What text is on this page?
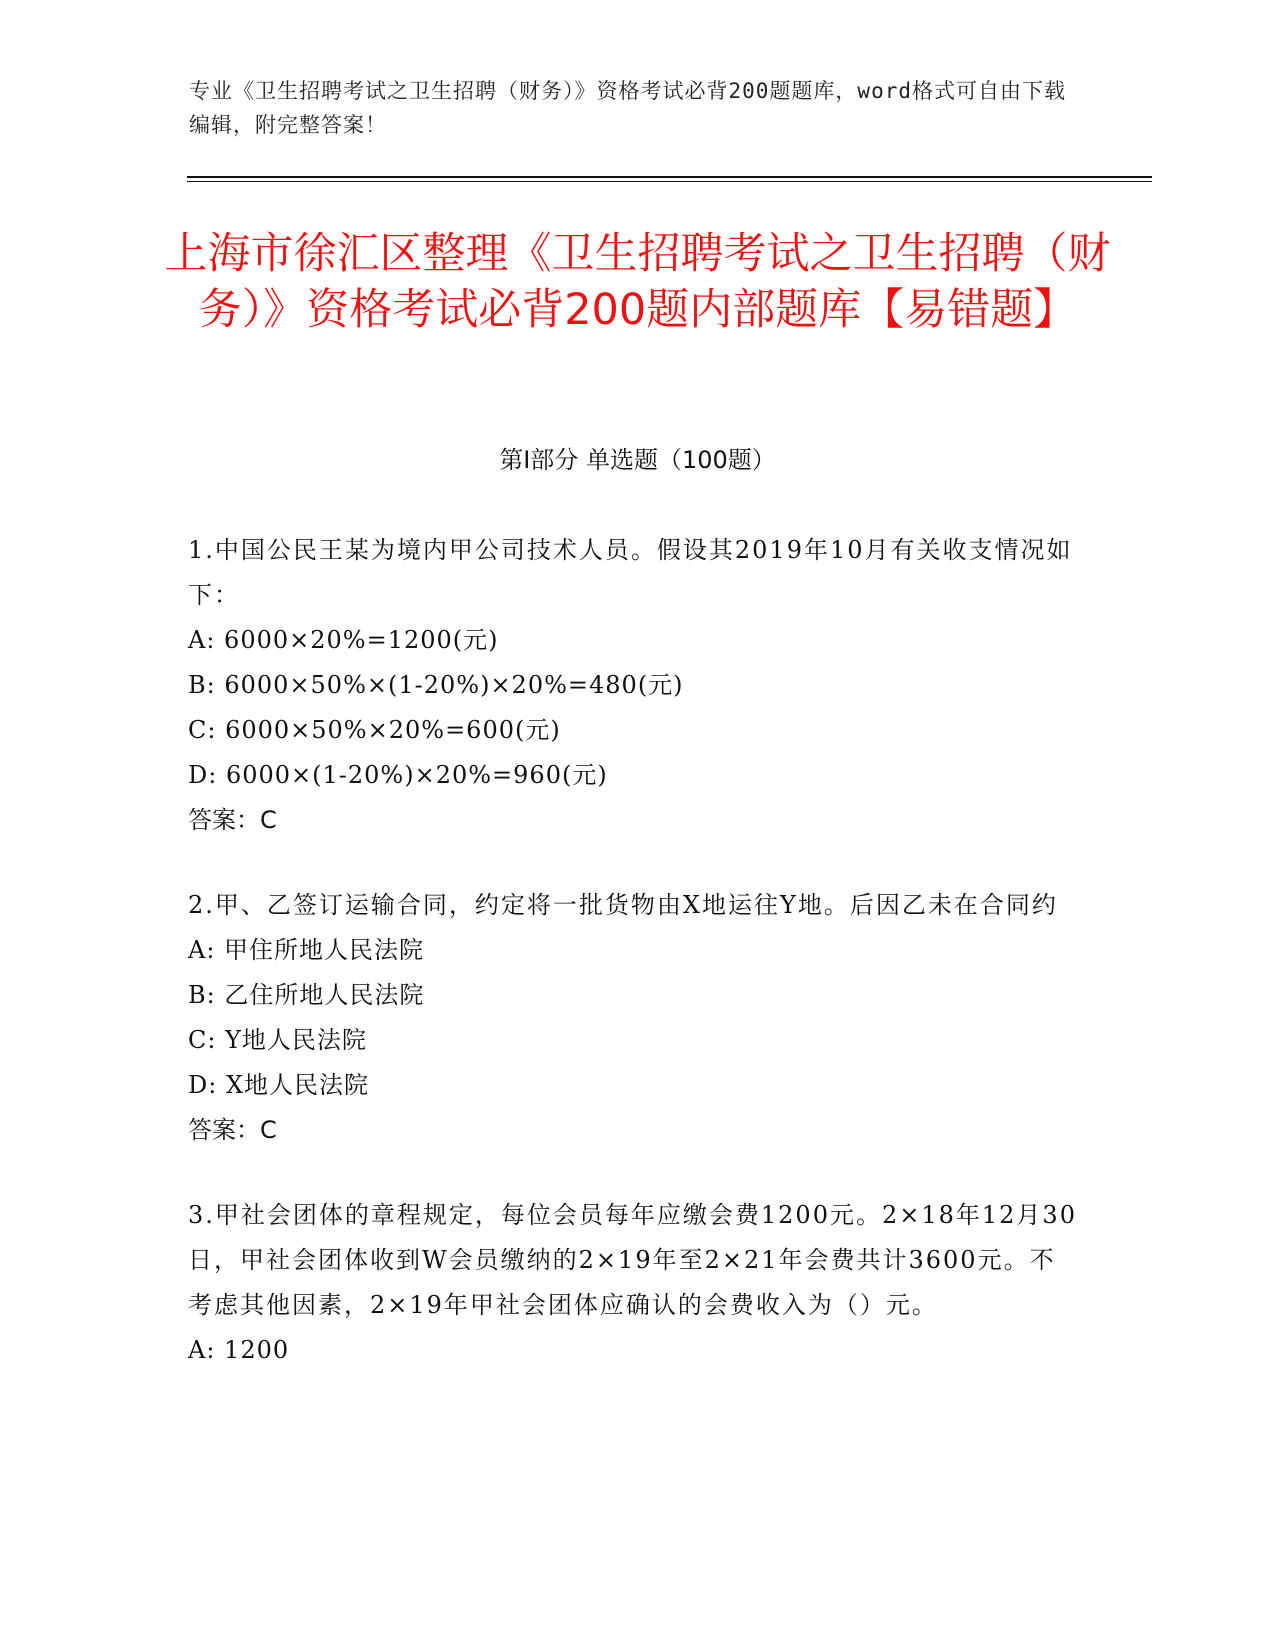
专业《卫生招聘考试之卫生招聘（财务）》资格考试必背200题题库，word格式可自由下载编辑，附完整答案！
上海市徐汇区整理《卫生招聘考试之卫生招聘（财务）》资格考试必背200题内部题库【易错题】
第I部分 单选题（100题）

1.中国公民王某为境内甲公司技术人员。假设其2019年10月有关收支情况如下：

A: 6000×20%=1200(元)

B: 6000×50%×(1-20%)×20%=480(元)

C: 6000×50%×20%=600(元)

D: 6000×(1-20%)×20%=960(元)

答案：C

2.甲、乙签订运输合同，约定将一批货物由X地运往Y地。后因乙未在合同约

A: 甲住所地人民法院

B: 乙住所地人民法院

C: Y地人民法院

D: X地人民法院

答案：C

3.甲社会团体的章程规定，每位会员每年应缴会费1200元。2×18年12月30日，甲社会团体收到W会员缴纳的2×19年至2×21年会费共计3600元。不考虑其他因素，2×19年甲社会团体应确认的会费收入为（）元。

A: 1200
